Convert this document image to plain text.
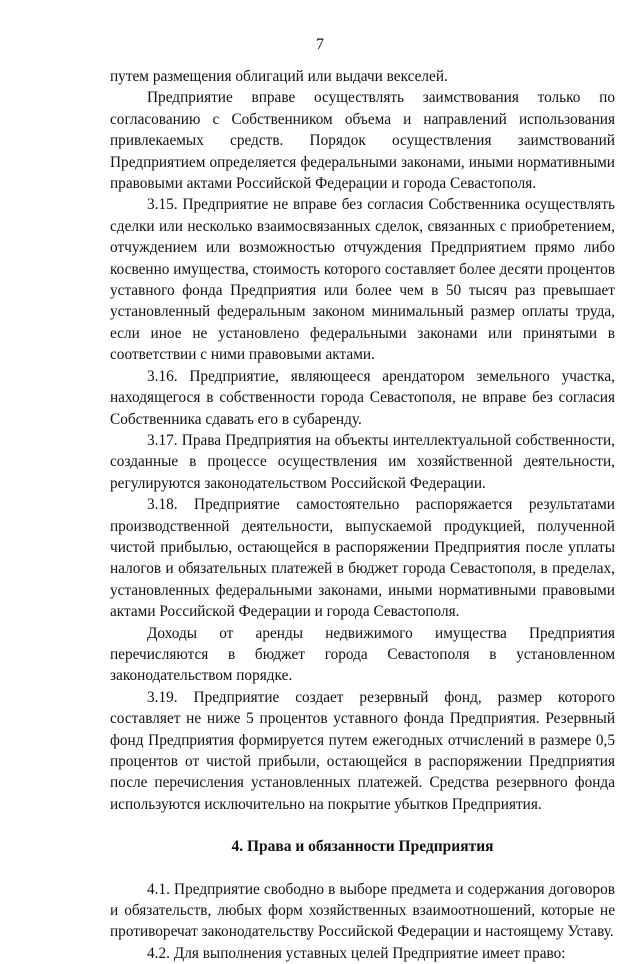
7

путем размещения облигаций или выдачи векселей.

Предприятие вправе осуществлять заимствования только по согласованию с Собственником объема и направлений использования привлекаемых средств. Порядок осуществления заимствований Предприятием определяется федеральными законами, иными нормативными правовыми актами Российской Федерации и города Севастополя.

3.15. Предприятие не вправе без согласия Собственника осуществлять сделки или несколько взаимосвязанных сделок, связанных с приобретением, отчуждением или возможностью отчуждения Предприятием прямо либо косвенно имущества, стоимость которого составляет более десяти процентов уставного фонда Предприятия или более чем в 50 тысяч раз превышает установленный федеральным законом минимальный размер оплаты труда, если иное не установлено федеральными законами или принятыми в соответствии с ними правовыми актами.

3.16. Предприятие, являющееся арендатором земельного участка, находящегося в собственности города Севастополя, не вправе без согласия Собственника сдавать его в субаренду.

3.17. Права Предприятия на объекты интеллектуальной собственности, созданные в процессе осуществления им хозяйственной деятельности, регулируются законодательством Российской Федерации.

3.18. Предприятие самостоятельно распоряжается результатами производственной деятельности, выпускаемой продукцией, полученной чистой прибылью, остающейся в распоряжении Предприятия после уплаты налогов и обязательных платежей в бюджет города Севастополя, в пределах, установленных федеральными законами, иными нормативными правовыми актами Российской Федерации и города Севастополя.

Доходы от аренды недвижимого имущества Предприятия перечисляются в бюджет города Севастополя в установленном законодательством порядке.

3.19. Предприятие создает резервный фонд, размер которого составляет не ниже 5 процентов уставного фонда Предприятия. Резервный фонд Предприятия формируется путем ежегодных отчислений в размере 0,5 процентов от чистой прибыли, остающейся в распоряжении Предприятия после перечисления установленных платежей. Средства резервного фонда используются исключительно на покрытие убытков Предприятия.

4. Права и обязанности Предприятия

4.1. Предприятие свободно в выборе предмета и содержания договоров и обязательств, любых форм хозяйственных взаимоотношений, которые не противоречат законодательству Российской Федерации и настоящему Уставу.

4.2. Для выполнения уставных целей Предприятие имеет право:
